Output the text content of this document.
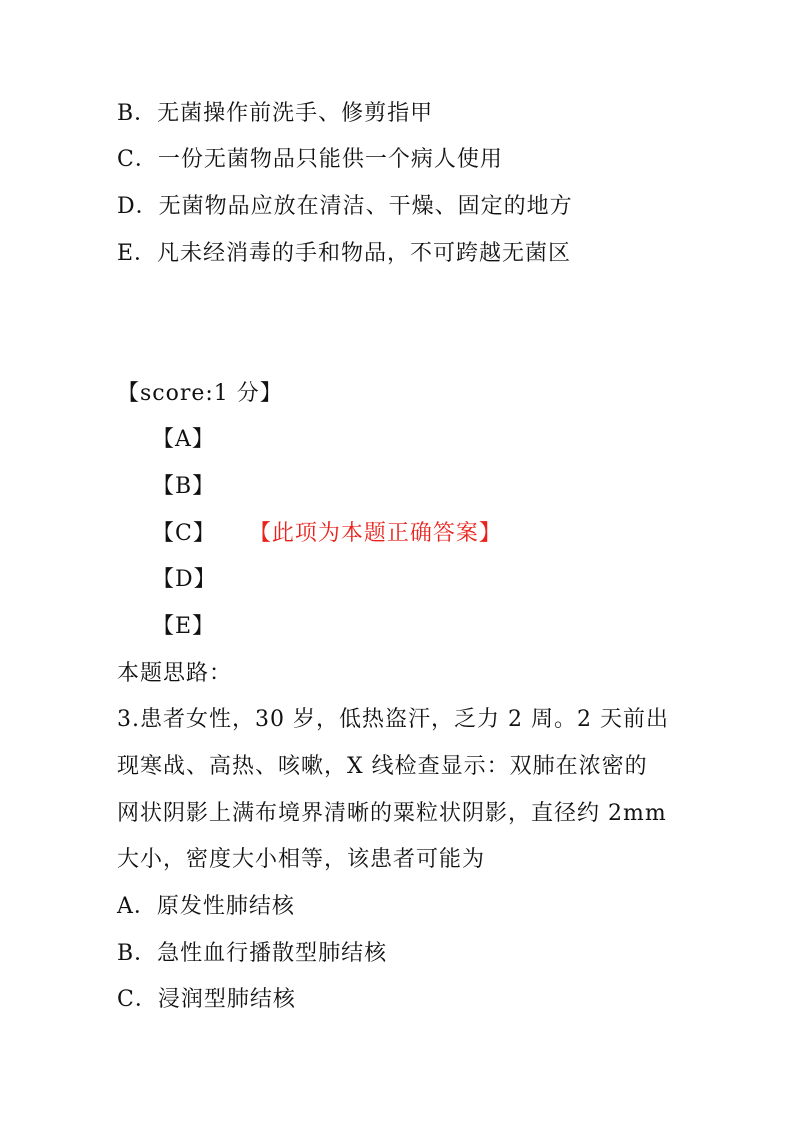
B．无菌操作前洗手、修剪指甲
C．一份无菌物品只能供一个病人使用
D．无菌物品应放在清洁、干燥、固定的地方
E．凡未经消毒的手和物品，不可跨越无菌区
【score:1 分】
【A】
【B】
【C】 【此项为本题正确答案】
【D】
【E】
本题思路：
3.患者女性，30 岁，低热盗汗，乏力 2 周。2 天前出
现寒战、高热、咳嗽，X 线检查显示：双肺在浓密的
网状阴影上满布境界清晰的粟粒状阴影，直径约 2mm
大小，密度大小相等，该患者可能为
A．原发性肺结核
B．急性血行播散型肺结核
C．浸润型肺结核
